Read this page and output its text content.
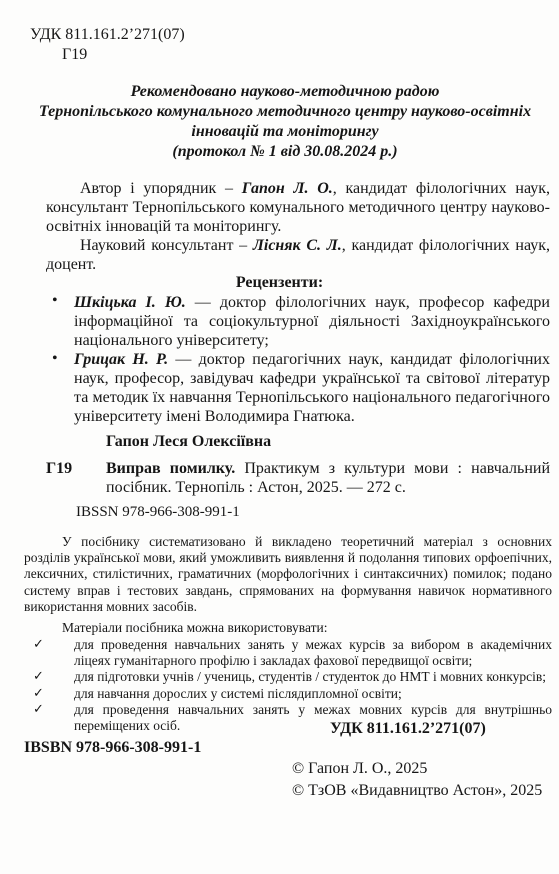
УДК 811.161.2’271(07)
Г19
Рекомендовано науково-методичною радою
Тернопільського комунального методичного центру науково-освітніх
інновацій та моніторингу
(протокол № 1 від 30.08.2024 р.)
Автор і упорядник – Гапон Л. О., кандидат філологічних наук, консультант Тернопільського комунального методичного центру науково-освітніх інновацій та моніторингу.
Науковий консультант – Лісняк С. Л., кандидат філологічних наук, доцент.
Рецензенти:
• Шкіцька І. Ю. — доктор філологічних наук, професор кафедри інформаційної та соціокультурної діяльності Західноукраїнського національного університету;
• Грицак Н. Р. — доктор педагогічних наук, кандидат філологічних наук, професор, завідувач кафедри української та світової літератур та методик їх навчання Тернопільського національного педагогічного університету імені Володимира Гнатюка.
Гапон Леся Олексіївна
Г19 Виправ помилку. Практикум з культури мови : навчальний посібник. Тернопіль : Астон, 2025. — 272 с.
IBSSN 978-966-308-991-1
У посібнику систематизовано й викладено теоретичний матеріал з основних розділів української мови, який уможливить виявлення й подолання типових орфоепічних, лексичних, стилістичних, граматичних (морфологічних і синтаксичних) помилок; подано систему вправ і тестових завдань, спрямованих на формування навичок нормативного використання мовних засобів.
Матеріали посібника можна використовувати:
✓ для проведення навчальних занять у межах курсів за вибором в академічних ліцеях гуманітарного профілю і закладах фахової передвищої освіти;
✓ для підготовки учнів / учениць, студентів / студенток до НМТ і мовних конкурсів;
✓ для навчання дорослих у системі післядипломної освіти;
✓ для проведення навчальних занять у межах мовних курсів для внутрішньо переміщених осіб.	УДК 811.161.2’271(07)
IBSBN 978-966-308-991-1
© Гапон Л. О., 2025
© ТзОВ «Видавництво Астон», 2025
